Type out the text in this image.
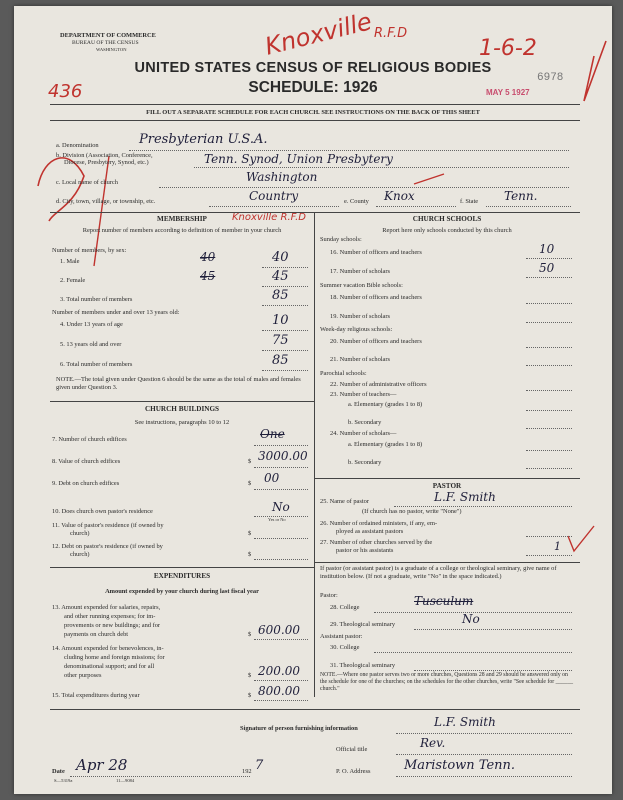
DEPARTMENT OF COMMERCE
BUREAU OF THE CENSUS
WASHINGTON
UNITED STATES CENSUS OF RELIGIOUS BODIES
SCHEDULE: 1926
FILL OUT A SEPARATE SCHEDULE FOR EACH CHURCH. SEE INSTRUCTIONS ON THE BACK OF THIS SHEET
436
Knoxville R.F.D
1-6-2
6978
MAY 5 1927
Knoxville R.F.D
a. Denomination	Presbyterian U.S.A.
b. Division (Association, Conference,
Diocese, Presbytery, Synod, etc.)	Tenn. Synod, Union Presbytery
c. Local name of church	Washington
d. City, town, village, or township, etc.	Country	e. County Knox	f. State Tenn.
MEMBERSHIP
Report number of members according to definition of member in your church
Number of members, by sex:
1. Male	40	40
2. Female	45	45
3. Total number of members	85
Number of members under and over 13 years old:
4. Under 13 years of age	10
5. 13 years old and over	75
6. Total number of members	85
NOTE.—The total given under Question 6 should be the same as the total of males and females given under Question 3.
CHURCH BUILDINGS
See instructions, paragraphs 10 to 12
7. Number of church edifices	One
8. Value of church edifices	$ 3000.00
9. Debt on church edifices	$ 00
10. Does church own pastor's residence	No
Yes or No
11. Value of pastor's residence (if owned by
church)	$
12. Debt on pastor's residence (if owned by
church)	$
EXPENDITURES
Amount expended by your church during last fiscal year
13. Amount expended for salaries, repairs,
and other running expenses; for im-
provements or new buildings; and for
payments on church debt	$ 600.00
14. Amount expended for benevolences, in-
cluding home and foreign missions; for
denominational support; and for all
other purposes	$ 200.00
15. Total expenditures during year	$ 800.00
CHURCH SCHOOLS
Report here only schools conducted by this church
Sunday schools:
16. Number of officers and teachers	10
17. Number of scholars	50
Summer vacation Bible schools:
18. Number of officers and teachers
19. Number of scholars
Week-day religious schools:
20. Number of officers and teachers
21. Number of scholars
Parochial schools:
22. Number of administrative officers
23. Number of teachers—
a. Elementary (grades 1 to 8)
b. Secondary
24. Number of scholars—
a. Elementary (grades 1 to 8)
b. Secondary
PASTOR
25. Name of pastor	L.F. Smith
(If church has no pastor, write "None")
26. Number of ordained ministers, if any, em-
ployed as assistant pastors
27. Number of other churches served by the
pastor or his assistants	1
If pastor (or assistant pastor) is a graduate of a college or theological seminary, give name of institution below. (If not a graduate, write "No" in the space indicated.)
Pastor:
28. College	Tusculum
29. Theological seminary	No
Assistant pastor:
30. College
31. Theological seminary
NOTE.—Where one pastor serves two or more churches, Questions 28 and 29 should be answered only on the schedule for one of the churches; on the schedules for the other churches, write "See schedule for ______ church."
Signature of person furnishing information	L.F. Smith
Official title	Rev.
Date Apr 28	192 7	P. O. Address	Maristown Tenn.
S—5319a	11—9084
